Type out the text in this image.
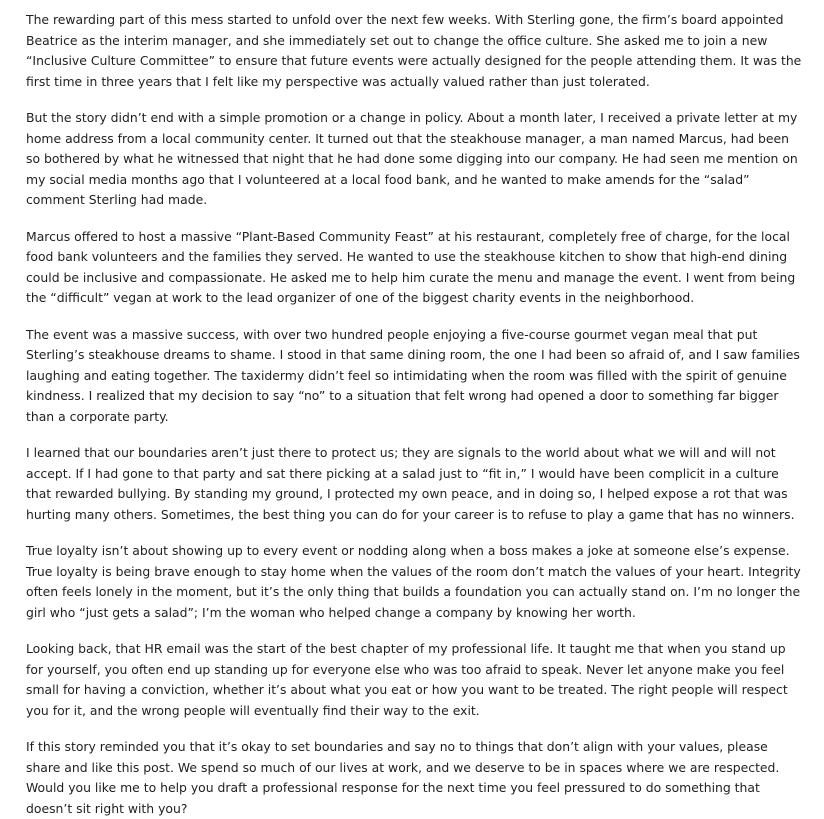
The rewarding part of this mess started to unfold over the next few weeks. With Sterling gone, the firm’s board appointed Beatrice as the interim manager, and she immediately set out to change the office culture. She asked me to join a new “Inclusive Culture Committee” to ensure that future events were actually designed for the people attending them. It was the first time in three years that I felt like my perspective was actually valued rather than just tolerated.

But the story didn’t end with a simple promotion or a change in policy. About a month later, I received a private letter at my home address from a local community center. It turned out that the steakhouse manager, a man named Marcus, had been so bothered by what he witnessed that night that he had done some digging into our company. He had seen me mention on my social media months ago that I volunteered at a local food bank, and he wanted to make amends for the “salad” comment Sterling had made.

Marcus offered to host a massive “Plant-Based Community Feast” at his restaurant, completely free of charge, for the local food bank volunteers and the families they served. He wanted to use the steakhouse kitchen to show that high-end dining could be inclusive and compassionate. He asked me to help him curate the menu and manage the event. I went from being the “difficult” vegan at work to the lead organizer of one of the biggest charity events in the neighborhood.

The event was a massive success, with over two hundred people enjoying a five-course gourmet vegan meal that put Sterling’s steakhouse dreams to shame. I stood in that same dining room, the one I had been so afraid of, and I saw families laughing and eating together. The taxidermy didn’t feel so intimidating when the room was filled with the spirit of genuine kindness. I realized that my decision to say “no” to a situation that felt wrong had opened a door to something far bigger than a corporate party.

I learned that our boundaries aren’t just there to protect us; they are signals to the world about what we will and will not accept. If I had gone to that party and sat there picking at a salad just to “fit in,” I would have been complicit in a culture that rewarded bullying. By standing my ground, I protected my own peace, and in doing so, I helped expose a rot that was hurting many others. Sometimes, the best thing you can do for your career is to refuse to play a game that has no winners.

True loyalty isn’t about showing up to every event or nodding along when a boss makes a joke at someone else’s expense. True loyalty is being brave enough to stay home when the values of the room don’t match the values of your heart. Integrity often feels lonely in the moment, but it’s the only thing that builds a foundation you can actually stand on. I’m no longer the girl who “just gets a salad”; I’m the woman who helped change a company by knowing her worth.

Looking back, that HR email was the start of the best chapter of my professional life. It taught me that when you stand up for yourself, you often end up standing up for everyone else who was too afraid to speak. Never let anyone make you feel small for having a conviction, whether it’s about what you eat or how you want to be treated. The right people will respect you for it, and the wrong people will eventually find their way to the exit.

If this story reminded you that it’s okay to set boundaries and say no to things that don’t align with your values, please share and like this post. We spend so much of our lives at work, and we deserve to be in spaces where we are respected. Would you like me to help you draft a professional response for the next time you feel pressured to do something that doesn’t sit right with you?
